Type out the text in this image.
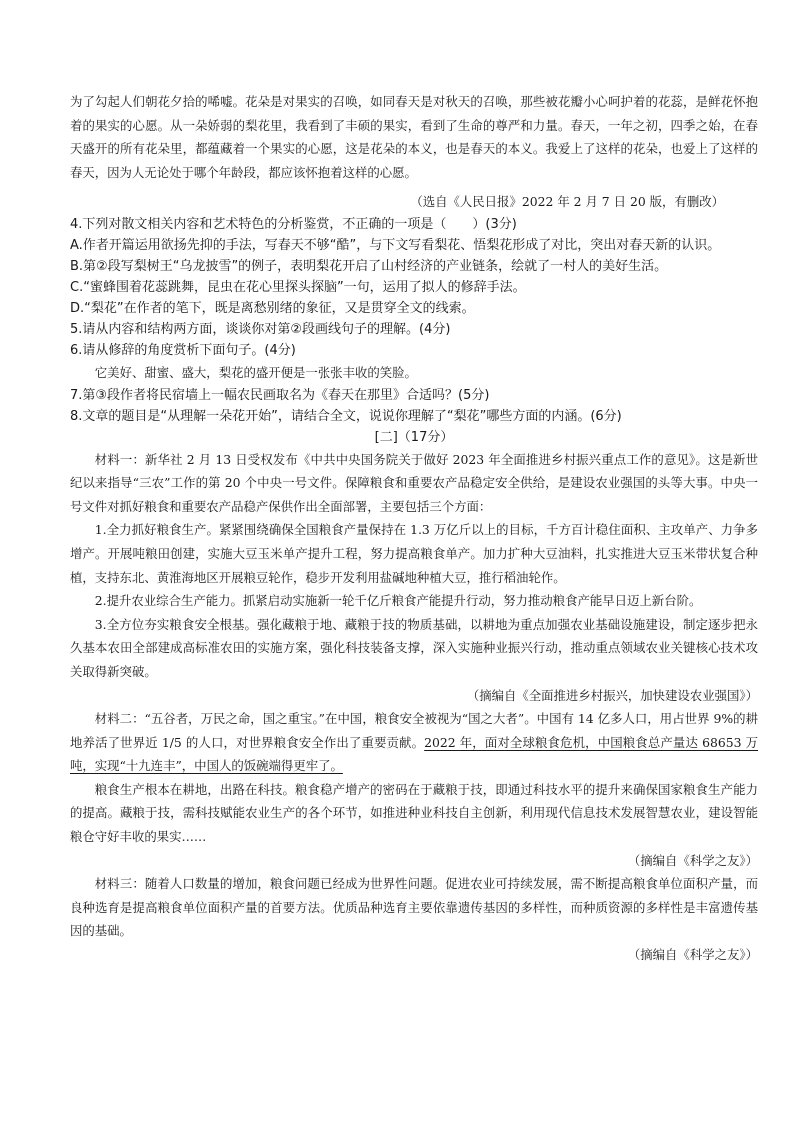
为了勾起人们朝花夕拾的唏嘘。花朵是对果实的召唤，如同春天是对秋天的召唤，那些被花瓣小心呵护着的花蕊，是鲜花怀抱着的果实的心愿。从一朵娇弱的梨花里，我看到了丰硕的果实，看到了生命的尊严和力量。春天，一年之初，四季之始，在春天盛开的所有花朵里，都蕴藏着一个果实的心愿，这是花朵的本义，也是春天的本义。我爱上了这样的花朵，也爱上了这样的春天，因为人无论处于哪个年龄段，都应该怀抱着这样的心愿。

（选自《人民日报》2022 年 2 月 7 日 20 版，有删改）

4.下列对散文相关内容和艺术特色的分析鉴赏，不正确的一项是（　　）(3分)

A.作者开篇运用欲扬先抑的手法，写春天不够“酷”，与下文写看梨花、悟梨花形成了对比，突出对春天新的认识。

B.第②段写梨树王“乌龙披雪”的例子，表明梨花开启了山村经济的产业链条，绘就了一村人的美好生活。

C.“蜜蜂围着花蕊跳舞，昆虫在花心里探头探脑”一句，运用了拟人的修辞手法。

D.“梨花”在作者的笔下，既是离愁别绪的象征，又是贯穿全文的线索。

5.请从内容和结构两方面，谈谈你对第②段画线句子的理解。(4分)

6.请从修辞的角度赏析下面句子。(4分)

它美好、甜蜜、盛大，梨花的盛开便是一张张丰收的笑脸。

7.第③段作者将民宿墙上一幅农民画取名为《春天在那里》合适吗？(5分)

8.文章的题目是“从理解一朵花开始”，请结合全文，说说你理解了“梨花”哪些方面的内涵。(6分)

[二]（17分）

材料一：新华社 2 月 13 日受权发布《中共中央国务院关于做好 2023 年全面推进乡村振兴重点工作的意见》。这是新世纪以来指导“三农”工作的第 20 个中央一号文件。保障粮食和重要农产品稳定安全供给，是建设农业强国的头等大事。中央一号文件对抓好粮食和重要农产品稳产保供作出全面部署，主要包括三个方面：

1.全力抓好粮食生产。紧紧围绕确保全国粮食产量保持在 1.3 万亿斤以上的目标，千方百计稳住面积、主攻单产、力争多增产。开展吨粮田创建，实施大豆玉米单产提升工程，努力提高粮食单产。加力扩种大豆油料，扎实推进大豆玉米带状复合种植，支持东北、黄淮海地区开展粮豆轮作，稳步开发利用盐碱地种植大豆，推行稻油轮作。

2.提升农业综合生产能力。抓紧启动实施新一轮千亿斤粮食产能提升行动，努力推动粮食产能早日迈上新台阶。

3.全方位夯实粮食安全根基。强化藏粮于地、藏粮于技的物质基础，以耕地为重点加强农业基础设施建设，制定逐步把永久基本农田全部建成高标准农田的实施方案，强化科技装备支撑，深入实施种业振兴行动，推动重点领域农业关键核心技术攻关取得新突破。

（摘编自《全面推进乡村振兴，加快建设农业强国》）

材料二：“五谷者，万民之命，国之重宝。”在中国，粮食安全被视为“国之大者”。中国有 14 亿多人口，用占世界 9%的耕地养活了世界近 1/5 的人口，对世界粮食安全作出了重要贡献。2022 年，面对全球粮食危机，中国粮食总产量达 68653 万吨，实现“十九连丰”，中国人的饭碗端得更牢了。

粮食生产根本在耕地，出路在科技。粮食稳产增产的密码在于藏粮于技，即通过科技水平的提升来确保国家粮食生产能力的提高。藏粮于技，需科技赋能农业生产的各个环节，如推进种业科技自主创新，利用现代信息技术发展智慧农业，建设智能粮仓守好丰收的果实……

（摘编自《科学之友》）

材料三：随着人口数量的增加，粮食问题已经成为世界性问题。促进农业可持续发展，需不断提高粮食单位面积产量，而良种选育是提高粮食单位面积产量的首要方法。优质品种选育主要依靠遗传基因的多样性，而种质资源的多样性是丰富遗传基因的基础。

（摘编自《科学之友》）
